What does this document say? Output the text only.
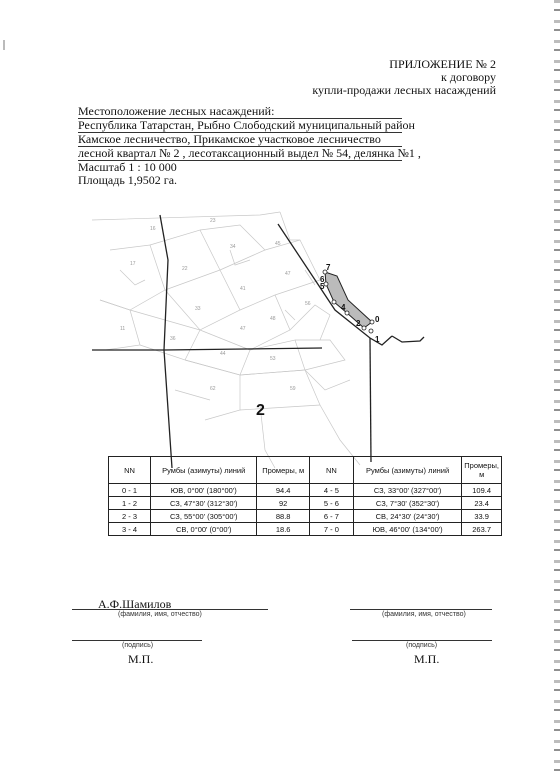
ПРИЛОЖЕНИЕ № 2
к договору
купли-продажи лесных насаждений
Местоположение лесных насаждений:
Республика Татарстан, Рыбно Слободский муниципальный район
Камское лесничество, Прикамское участковое лесничество
лесной квартал № 2 , лесотаксационный выдел № 54, делянка №1 ,
Масштаб 1 : 10 000
Площадь 1,9502 га.
17
22
34
33
41
47
11
36
44
48
53
62	59
16
23
56
47
45
7
6
5
4
2 0
1
2
NN	Румбы (азимуты) линий	Промеры, м	NN	Румбы (азимуты) линий	Промеры, м
0 - 1	ЮВ, 0°00' (180°00')	94.4	4 - 5	СЗ, 33°00' (327°00')	109.4
1 - 2	СЗ, 47°30' (312°30')	92	5 - 6	СЗ, 7°30' (352°30')	23.4
2 - 3	СЗ, 55°00' (305°00')	88.8	6 - 7	СВ, 24°30' (24°30')	33.9
3 - 4	СВ, 0°00' (0°00')	18.6	7 - 0	ЮВ, 46°00' (134°00')	263.7
А.Ф.Шамилов
(фамилия, имя, отчество)	(фамилия, имя, отчество)
(подпись)
М.П.
(подпись)
М.П.
